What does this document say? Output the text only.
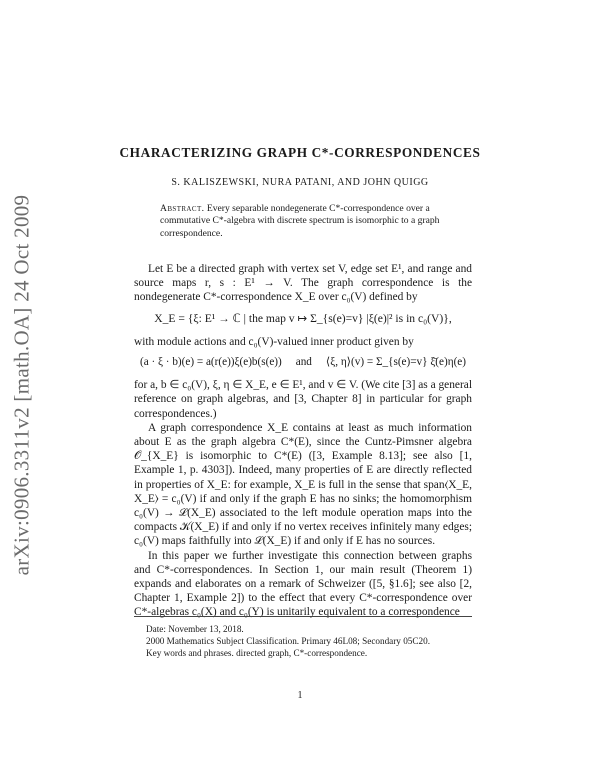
arXiv:0906.3311v2 [math.OA] 24 Oct 2009
CHARACTERIZING GRAPH C*-CORRESPONDENCES
S. KALISZEWSKI, NURA PATANI, AND JOHN QUIGG
Abstract. Every separable nondegenerate C*-correspondence over a commutative C*-algebra with discrete spectrum is isomorphic to a graph correspondence.

Let E be a directed graph with vertex set V, edge set E¹, and range and source maps r, s : E¹ → V. The graph correspondence is the nondegenerate C*-correspondence X_E over c₀(V) defined by

X_E = {ξ: E¹ → ℂ | the map v ↦ Σ_{s(e)=v} |ξ(e)|² is in c₀(V)},

with module actions and c₀(V)-valued inner product given by

(a · ξ · b)(e) = a(r(e))ξ(e)b(s(e)) and ⟨ξ, η⟩(v) = Σ_{s(e)=v} ξ̄(e)η(e)

for a, b ∈ c₀(V), ξ, η ∈ X_E, e ∈ E¹, and v ∈ V. (We cite [3] as a general reference on graph algebras, and [3, Chapter 8] in particular for graph correspondences.)

A graph correspondence X_E contains at least as much information about E as the graph algebra C*(E), since the Cuntz-Pimsner algebra 𝒪_{X_E} is isomorphic to C*(E) ([3, Example 8.13]; see also [1, Example 1, p. 4303]). Indeed, many properties of E are directly reflected in properties of X_E: for example, X_E is full in the sense that span⟨X_E, X_E⟩ = c₀(V) if and only if the graph E has no sinks; the homomorphism c₀(V) → ℒ(X_E) associated to the left module operation maps into the compacts 𝒦(X_E) if and only if no vertex receives infinitely many edges; c₀(V) maps faithfully into ℒ(X_E) if and only if E has no sources.

In this paper we further investigate this connection between graphs and C*-correspondences. In Section 1, our main result (Theorem 1) expands and elaborates on a remark of Schweizer ([5, §1.6]; see also [2, Chapter 1, Example 2]) to the effect that every C*-correspondence over C*-algebras c₀(X) and c₀(Y) is unitarily equivalent to a correspondence

Date: November 13, 2018.
2000 Mathematics Subject Classification. Primary 46L08; Secondary 05C20.
Key words and phrases. directed graph, C*-correspondence.
1
